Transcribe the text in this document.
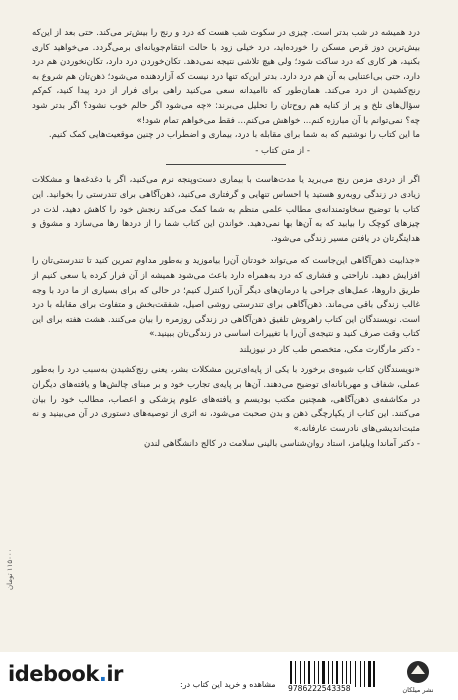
درد همیشه در شب بدتر است. چیزی در سکوت شب هست که درد و رنج را بیش‌تر می‌کند. حتی بعد از این‌که بیش‌ترین دوز قرص مسکن را خورده‌اید، درد خیلی زود با حالت انتقام‌جویانه‌ای برمی‌گردد. می‌خواهید کاری بکنید، هر کاری که درد ساکت شود؛ ولی هیچ تلاشی نتیجه نمی‌دهد. تکان‌خوردن درد دارد، تکان‌نخوردن هم درد دارد، حتی بی‌اعتنایی به آن هم درد دارد. بدتر این‌که تنها درد نیست که آزاردهنده می‌شود؛ ذهن‌تان هم شروع به رنج‌کشیدن از درد می‌کند. همان‌طور که ناامیدانه سعی می‌کنید راهی برای فرار از درد پیدا کنید، کم‌کم سؤال‌های تلخ و پر از کنایه هم روح‌تان را تحلیل می‌برند: «چه می‌شود اگر حالم خوب نشود؟ اگر بدتر شود چه؟ نمی‌توانم با آن مبارزه کنم... خواهش می‌کنم... فقط می‌خواهم تمام شود!»

ما این کتاب را نوشتیم که به شما برای مقابله با درد، بیماری و اضطراب در چنین موقعیت‌هایی کمک کنیم.

- از متن کتاب -

اگر از دردی مزمن رنج می‌برید یا مدت‌هاست با بیماری دست‌وپنجه نرم می‌کنید، اگر با دغدغه‌ها و مشکلات زیادی در زندگی روبه‌رو هستید یا احساس تنهایی و گرفتاری می‌کنید، ذهن‌آگاهی برای تندرستی را بخوانید. این کتاب با توضیح سخاوتمندانه‌ی مطالب علمی منظم به شما کمک می‌کند رنجش خود را کاهش دهید، لذت در چیزهای کوچک را بیابید که به آن‌ها بها نمی‌دهید. خواندن این کتاب شما را از دردها رها می‌سازد و مشوق و هدایتگرتان در یافتن مسیر زندگی می‌شود.

«جذابیت ذهن‌آگاهی این‌جاست که می‌تواند خودتان آن‌را بیاموزید و به‌طور مداوم تمرین کنید تا تندرستی‌تان را افزایش دهید. ناراحتی و فشاری که درد به‌همراه دارد باعث می‌شود همیشه از آن فرار کرده یا سعی کنیم از طریق داروها، عمل‌های جراحی یا درمان‌های دیگر آن‌را کنترل کنیم؛ در حالی که برای بسیاری از ما درد با وجه غالب زندگی باقی می‌ماند. ذهن‌آگاهی برای تندرستی روشی اصیل، شفقت‌بخش و متفاوت برای مقابله با درد است. نویسندگان این کتاب راهروش تلفیق ذهن‌آگاهی در زندگی روزمره را بیان می‌کنند. هشت هفته برای این کتاب وقت صرف کنید و نتیجه‌ی آن‌را با تغییرات اساسی در زندگی‌تان ببینید.»

- دکتر مارگارت مکی، متخصص طب کار در نیوزیلند

«نویسندگان کتاب شیوه‌ی برخورد با یکی از پایه‌ای‌ترین مشکلات بشر، یعنی رنج‌کشیدن به‌سبب درد را به‌طور عملی، شفاف و مهربانانه‌ای توضیح می‌دهند. آن‌ها بر پایه‌ی تجارب خود و بر مبنای چالش‌ها و یافته‌های دیگران در مکاشفه‌ی ذهن‌آگاهی، همچنین مکتب بودیسم و یافته‌های علوم پزشکی و اعصاب، مطالب خود را بیان می‌کنند. این کتاب از یکپارچگی ذهن و بدن صحبت می‌شود، نه اثری از توصیه‌های دستوری در آن می‌بینید و نه مثبت‌اندیشی‌های نادرست عارفانه.»

- دکتر آماندا ویلیامز، استاد روان‌شناسی بالینی سلامت در کالج دانشگاهی لندن

۱۱۵۰۰۰ تومان
idebook.ir	مشاهده و خرید این کتاب در: 9786222543358	نشر میلکان
